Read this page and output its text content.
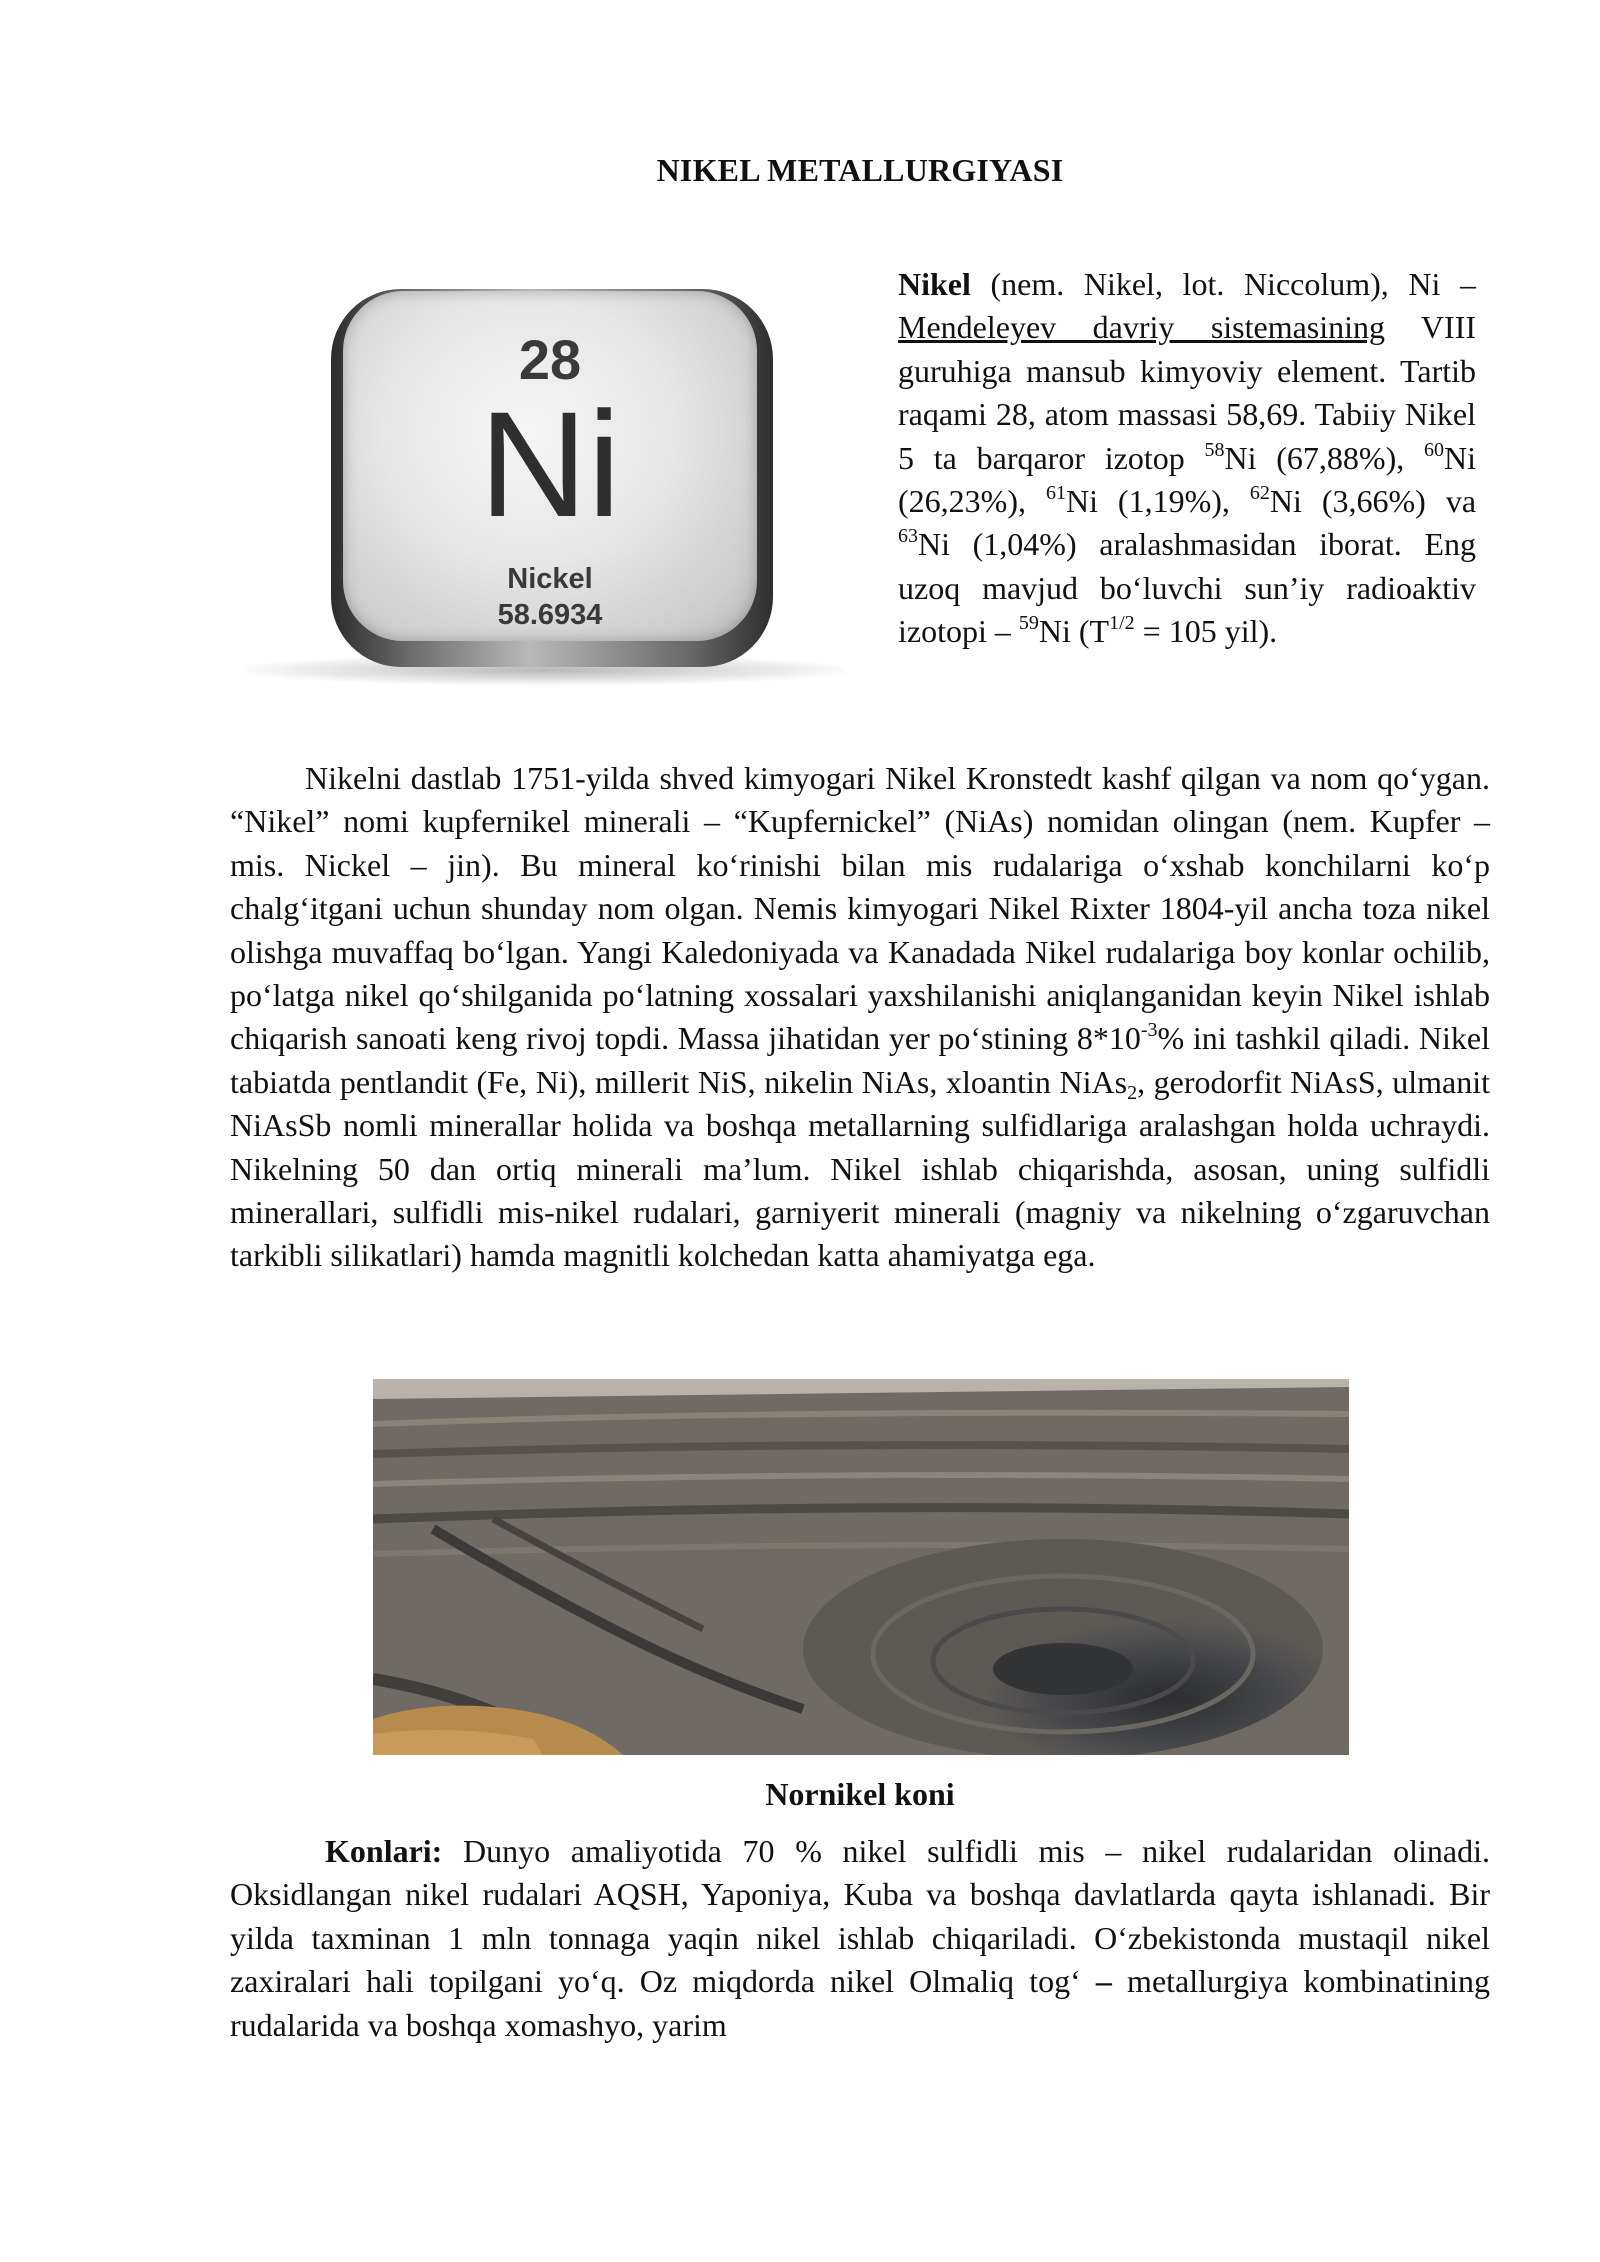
NIKEL METALLURGIYASI
28
Ni
Nickel
58.6934
Nikel (nem. Nikel, lot. Niccolum), Ni – Mendeleyev davriy sistemasining VIII guruhiga mansub kimyoviy element. Tartib raqami 28, atom massasi 58,69. Tabiiy Nikel 5 ta barqaror izotop $^{58}$Ni (67,88%), $^{60}$Ni (26,23%), $^{61}$Ni (1,19%), $^{62}$Ni (3,66%) va $^{63}$Ni (1,04%) aralashmasidan iborat. Eng uzoq mavjud bo‘luvchi sun’iy radioaktiv izotopi – $^{59}$Ni ($T^{1/2} = 105$ yil).
Nikelni dastlab 1751-yilda shved kimyogari Nikel Kronstedt kashf qilgan va nom qo‘ygan. “Nikel” nomi kupfernikel minerali – “Kupfernickel” (NiAs) nomidan olingan (nem. Kupfer – mis. Nickel – jin). Bu mineral ko‘rinishi bilan mis rudalariga o‘xshab konchilarni ko‘p chalg‘itgani uchun shunday nom olgan. Nemis kimyogari Nikel Rixter 1804-yil ancha toza nikel olishga muvaffaq bo‘lgan. Yangi Kaledoniyada va Kanadada Nikel rudalariga boy konlar ochilib, po‘latga nikel qo‘shilganida po‘latning xossalari yaxshilanishi aniqlanganidan keyin Nikel ishlab chiqarish sanoati keng rivoj topdi. Massa jihatidan yer po‘stining $8*10^{-3}\%$ ini tashkil qiladi. Nikel tabiatda pentlandit (Fe, Ni), millerit NiS, nikelin NiAs, xloantin NiAs$_2$, gerodorfit NiAsS, ulmanit NiAsSb nomli minerallar holida va boshqa metallarning sulfidlariga aralashgan holda uchraydi. Nikelning 50 dan ortiq minerali ma’lum. Nikel ishlab chiqarishda, asosan, uning sulfidli minerallari, sulfidli mis-nikel rudalari, garniyerit minerali (magniy va nikelning o‘zgaruvchan tarkibli silikatlari) hamda magnitli kolchedan katta ahamiyatga ega.
Nornikel koni
Konlari: Dunyo amaliyotida 70 % nikel sulfidli mis – nikel rudalaridan olinadi. Oksidlangan nikel rudalari AQSH, Yaponiya, Kuba va boshqa davlatlarda qayta ishlanadi. Bir yilda taxminan 1 mln tonnaga yaqin nikel ishlab chiqariladi. O‘zbekistonda mustaqil nikel zaxiralari hali topilgani yo‘q. Oz miqdorda nikel Olmaliq tog‘ – metallurgiya kombinatining rudalarida va boshqa xomashyo, yarim
